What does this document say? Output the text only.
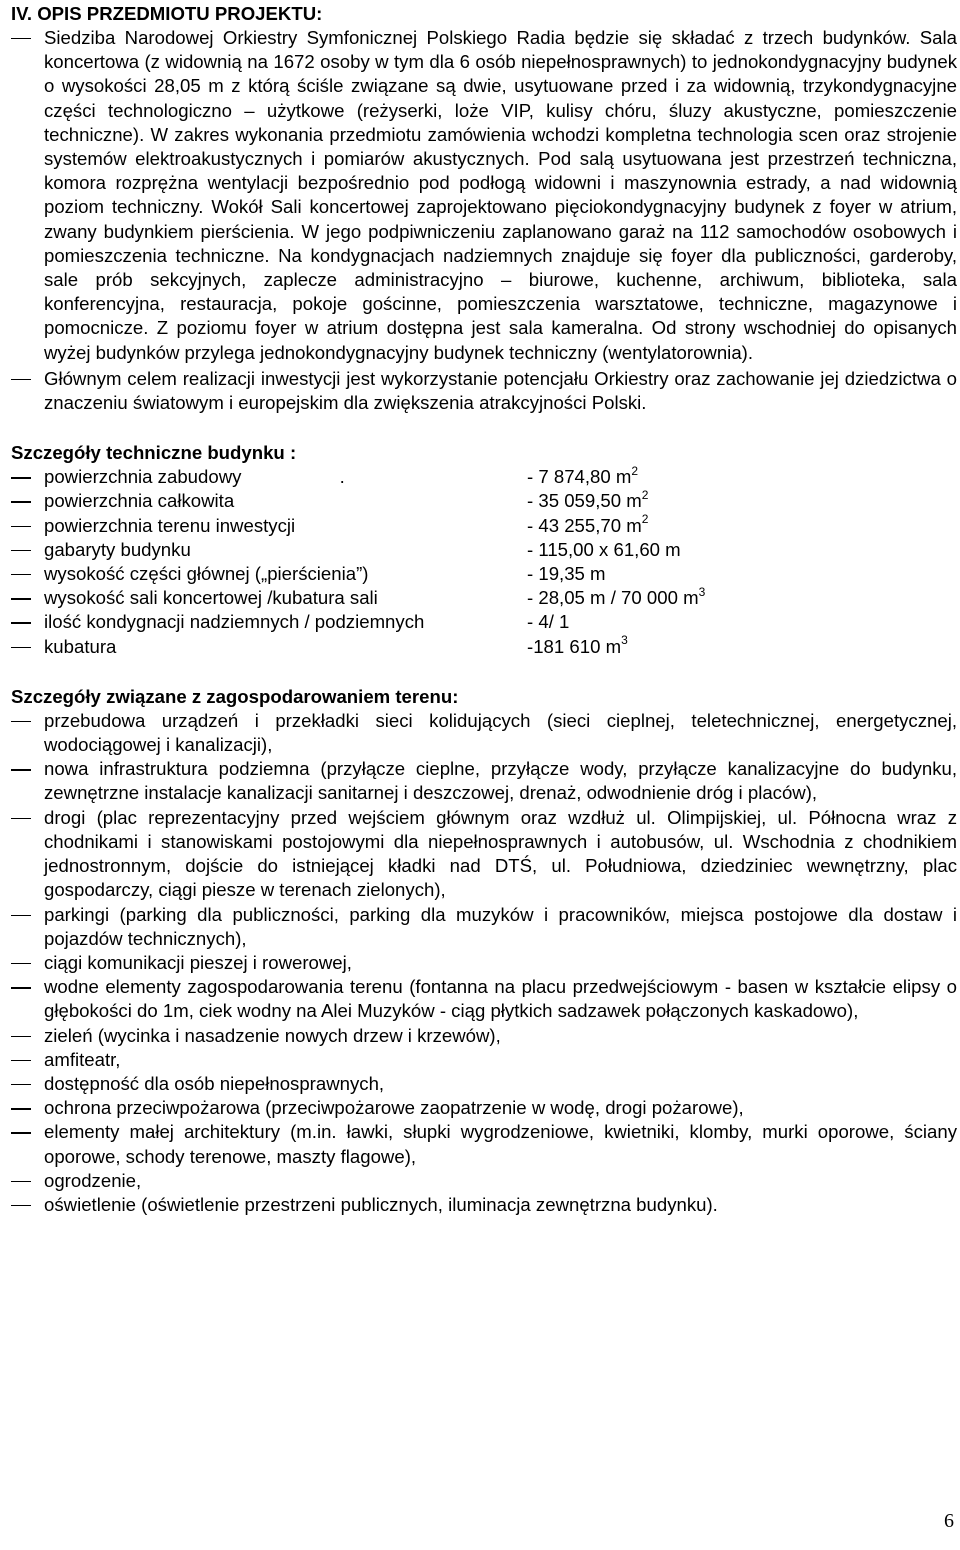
IV. OPIS PRZEDMIOTU PROJEKTU:
Siedziba Narodowej Orkiestry Symfonicznej Polskiego Radia będzie się składać z trzech budynków. Sala koncertowa (z widownią na 1672 osoby w tym dla 6 osób niepełnosprawnych) to jednokondygnacyjny budynek o wysokości 28,05 m z którą ściśle związane są dwie, usytuowane przed i za widownią, trzykondygnacyjne części technologiczno – użytkowe (reżyserki, loże VIP, kulisy chóru, śluzy akustyczne, pomieszczenie techniczne). W zakres wykonania przedmiotu zamówienia wchodzi kompletna technologia scen oraz strojenie systemów elektroakustycznych i pomiarów akustycznych. Pod salą usytuowana jest przestrzeń techniczna, komora rozprężna wentylacji bezpośrednio pod podłogą widowni i maszynownia estrady, a nad widownią poziom techniczny. Wokół Sali koncertowej zaprojektowano pięciokondygnacyjny budynek z foyer w atrium, zwany budynkiem pierścienia. W jego podpiwniczeniu zaplanowano garaż na 112 samochodów osobowych i pomieszczenia techniczne. Na kondygnacjach nadziemnych znajduje się foyer dla publiczności, garderoby, sale prób sekcyjnych, zaplecze administracyjno – biurowe, kuchenne, archiwum, biblioteka, sala konferencyjna, restauracja, pokoje gościnne, pomieszczenia warsztatowe, techniczne, magazynowe i pomocnicze. Z poziomu foyer w atrium dostępna jest sala kameralna. Od strony wschodniej do opisanych wyżej budynków przylega jednokondygnacyjny budynek techniczny (wentylatorownia).
Głównym celem realizacji inwestycji jest wykorzystanie potencjału Orkiestry oraz zachowanie jej dziedzictwa o znaczeniu światowym i europejskim dla zwiększenia atrakcyjności Polski.
Szczegóły techniczne budynku :
powierzchnia zabudowy                   .	- 7 874,80 $m^2$
powierzchnia całkowita	- 35 059,50 $m^2$
powierzchnia terenu inwestycji	- 43 255,70 $m^2$
gabaryty budynku	- 115,00 x 61,60 m
wysokość części głównej („pierścienia”)	- 19,35 m
wysokość sali koncertowej /kubatura sali	- 28,05 m / 70 000 $m^3$
ilość kondygnacji nadziemnych / podziemnych	- 4/ 1
kubatura	-181 610 $m^3$
Szczegóły związane z zagospodarowaniem terenu:
przebudowa urządzeń i przekładki sieci kolidujących (sieci cieplnej, teletechnicznej, energetycznej, wodociągowej i kanalizacji),
nowa infrastruktura podziemna (przyłącze cieplne, przyłącze wody, przyłącze kanalizacyjne do budynku, zewnętrzne instalacje kanalizacji sanitarnej i deszczowej, drenaż, odwodnienie dróg i placów),
drogi (plac reprezentacyjny przed wejściem głównym oraz wzdłuż ul. Olimpijskiej, ul. Północna wraz z chodnikami i stanowiskami postojowymi dla niepełnosprawnych i autobusów, ul. Wschodnia z chodnikiem jednostronnym, dojście do istniejącej kładki nad DTŚ, ul. Południowa, dziedziniec wewnętrzny, plac gospodarczy, ciągi piesze w terenach zielonych),
parkingi (parking dla publiczności, parking dla muzyków i pracowników, miejsca postojowe dla dostaw i pojazdów technicznych),
ciągi komunikacji pieszej i rowerowej,
wodne elementy zagospodarowania terenu (fontanna na placu przedwejściowym - basen w kształcie elipsy o głębokości do 1m, ciek wodny na Alei Muzyków - ciąg płytkich sadzawek połączonych kaskadowo),
zieleń (wycinka i nasadzenie nowych drzew i krzewów),
amfiteatr,
dostępność dla osób niepełnosprawnych,
ochrona przeciwpożarowa (przeciwpożarowe zaopatrzenie w wodę, drogi pożarowe),
elementy małej architektury (m.in. ławki, słupki wygrodzeniowe, kwietniki, klomby, murki oporowe, ściany oporowe, schody terenowe, maszty flagowe),
ogrodzenie,
oświetlenie (oświetlenie przestrzeni publicznych, iluminacja zewnętrzna budynku).
6
